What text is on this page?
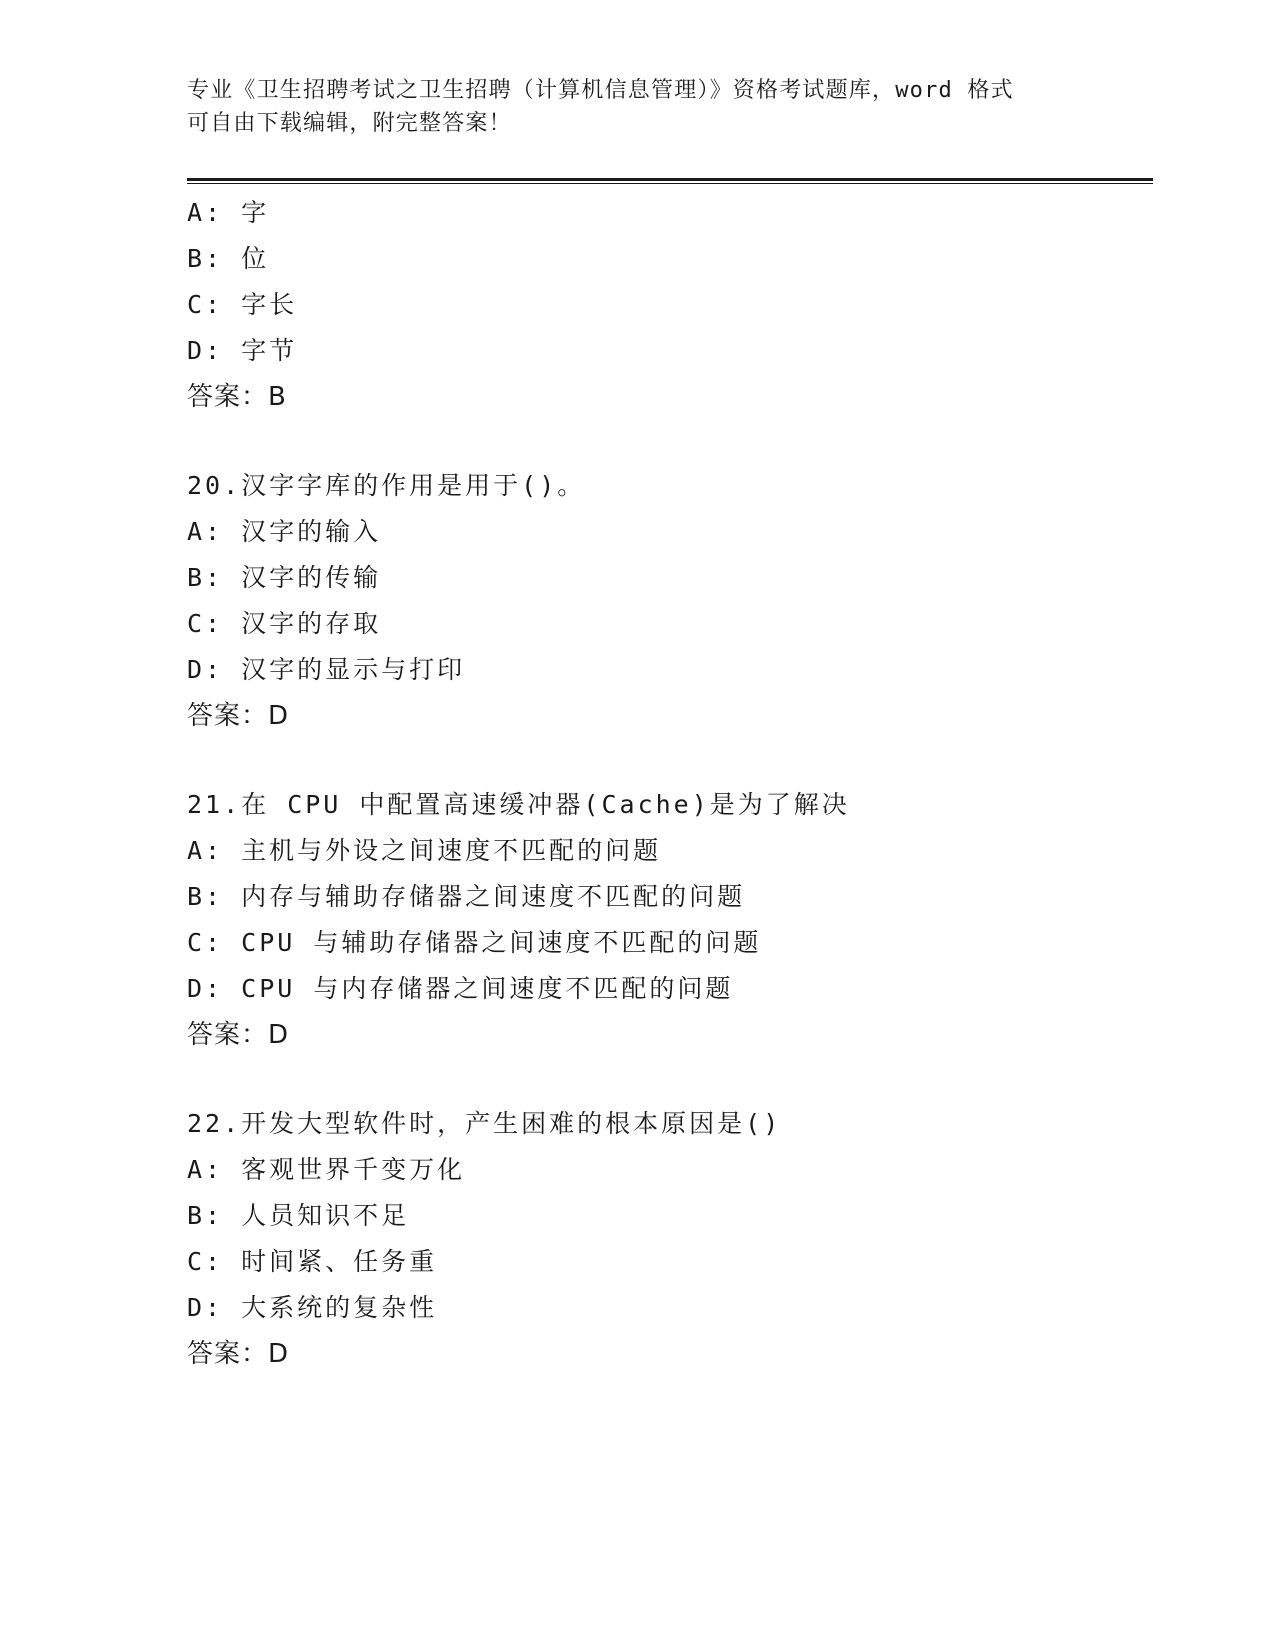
专业《卫生招聘考试之卫生招聘（计算机信息管理）》资格考试题库，word 格式
可自由下载编辑，附完整答案！
A: 字
B: 位
C: 字长
D: 字节
答案：B
20.汉字字库的作用是用于()。
A: 汉字的输入
B: 汉字的传输
C: 汉字的存取
D: 汉字的显示与打印
答案：D
21.在 CPU 中配置高速缓冲器(Cache)是为了解决
A: 主机与外设之间速度不匹配的问题
B: 内存与辅助存储器之间速度不匹配的问题
C: CPU 与辅助存储器之间速度不匹配的问题
D: CPU 与内存储器之间速度不匹配的问题
答案：D
22.开发大型软件时，产生困难的根本原因是()
A: 客观世界千变万化
B: 人员知识不足
C: 时间紧、任务重
D: 大系统的复杂性
答案：D
